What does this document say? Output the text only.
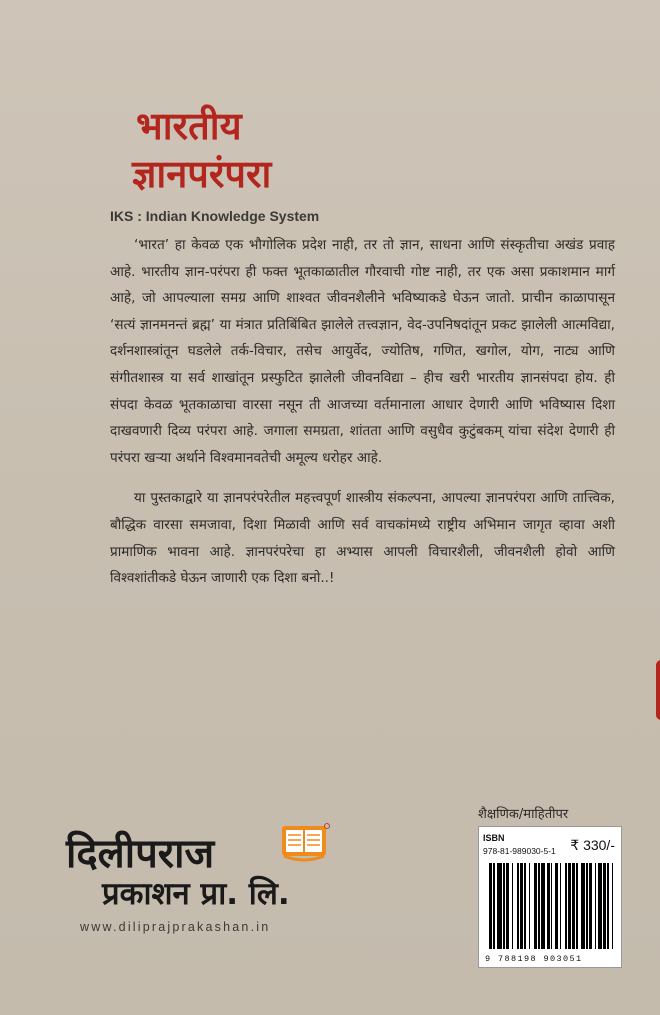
भारतीय
ज्ञानपरंपरा
IKS : Indian Knowledge System

‘भारत’ हा केवळ एक भौगोलिक प्रदेश नाही, तर तो ज्ञान, साधना आणि संस्कृतीचा अखंड प्रवाह आहे. भारतीय ज्ञान-परंपरा ही फक्त भूतकाळातील गौरवाची गोष्ट नाही, तर एक असा प्रकाशमान मार्ग आहे, जो आपल्याला समग्र आणि शाश्वत जीवनशैलीने भविष्याकडे घेऊन जातो. प्राचीन काळापासून ‘सत्यं ज्ञानमनन्तं ब्रह्म’ या मंत्रात प्रतिबिंबित झालेले तत्त्वज्ञान, वेद-उपनिषदांतून प्रकट झालेली आत्मविद्या, दर्शनशास्त्रांतून घडलेले तर्क-विचार, तसेच आयुर्वेद, ज्योतिष, गणित, खगोल, योग, नाट्य आणि संगीतशास्त्र या सर्व शाखांतून प्रस्फुटित झालेली जीवनविद्या – हीच खरी भारतीय ज्ञानसंपदा होय. ही संपदा केवळ भूतकाळाचा वारसा नसून ती आजच्या वर्तमानाला आधार देणारी आणि भविष्यास दिशा दाखवणारी दिव्य परंपरा आहे. जगाला समग्रता, शांतता आणि वसुधैव कुटुंबकम् यांचा संदेश देणारी ही परंपरा खऱ्या अर्थाने विश्वमानवतेची अमूल्य धरोहर आहे.

या पुस्तकाद्वारे या ज्ञानपरंपरेतील महत्त्वपूर्ण शास्त्रीय संकल्पना, आपल्या ज्ञानपरंपरा आणि तात्त्विक, बौद्धिक वारसा समजावा, दिशा मिळावी आणि सर्व वाचकांमध्ये राष्ट्रीय अभिमान जागृत व्हावा अशी प्रामाणिक भावना आहे. ज्ञानपरंपरेचा हा अभ्यास आपली विचारशैली, जीवनशैली होवो आणि विश्वशांतीकडे घेऊन जाणारी एक दिशा बनो..!

शैक्षणिक/माहितीपर
ISBN
978-81-989030-5-1 ₹ 330/-
9 788198 903051
दिलीपराज
प्रकाशन प्रा. लि.
www.diliprajprakashan.in
